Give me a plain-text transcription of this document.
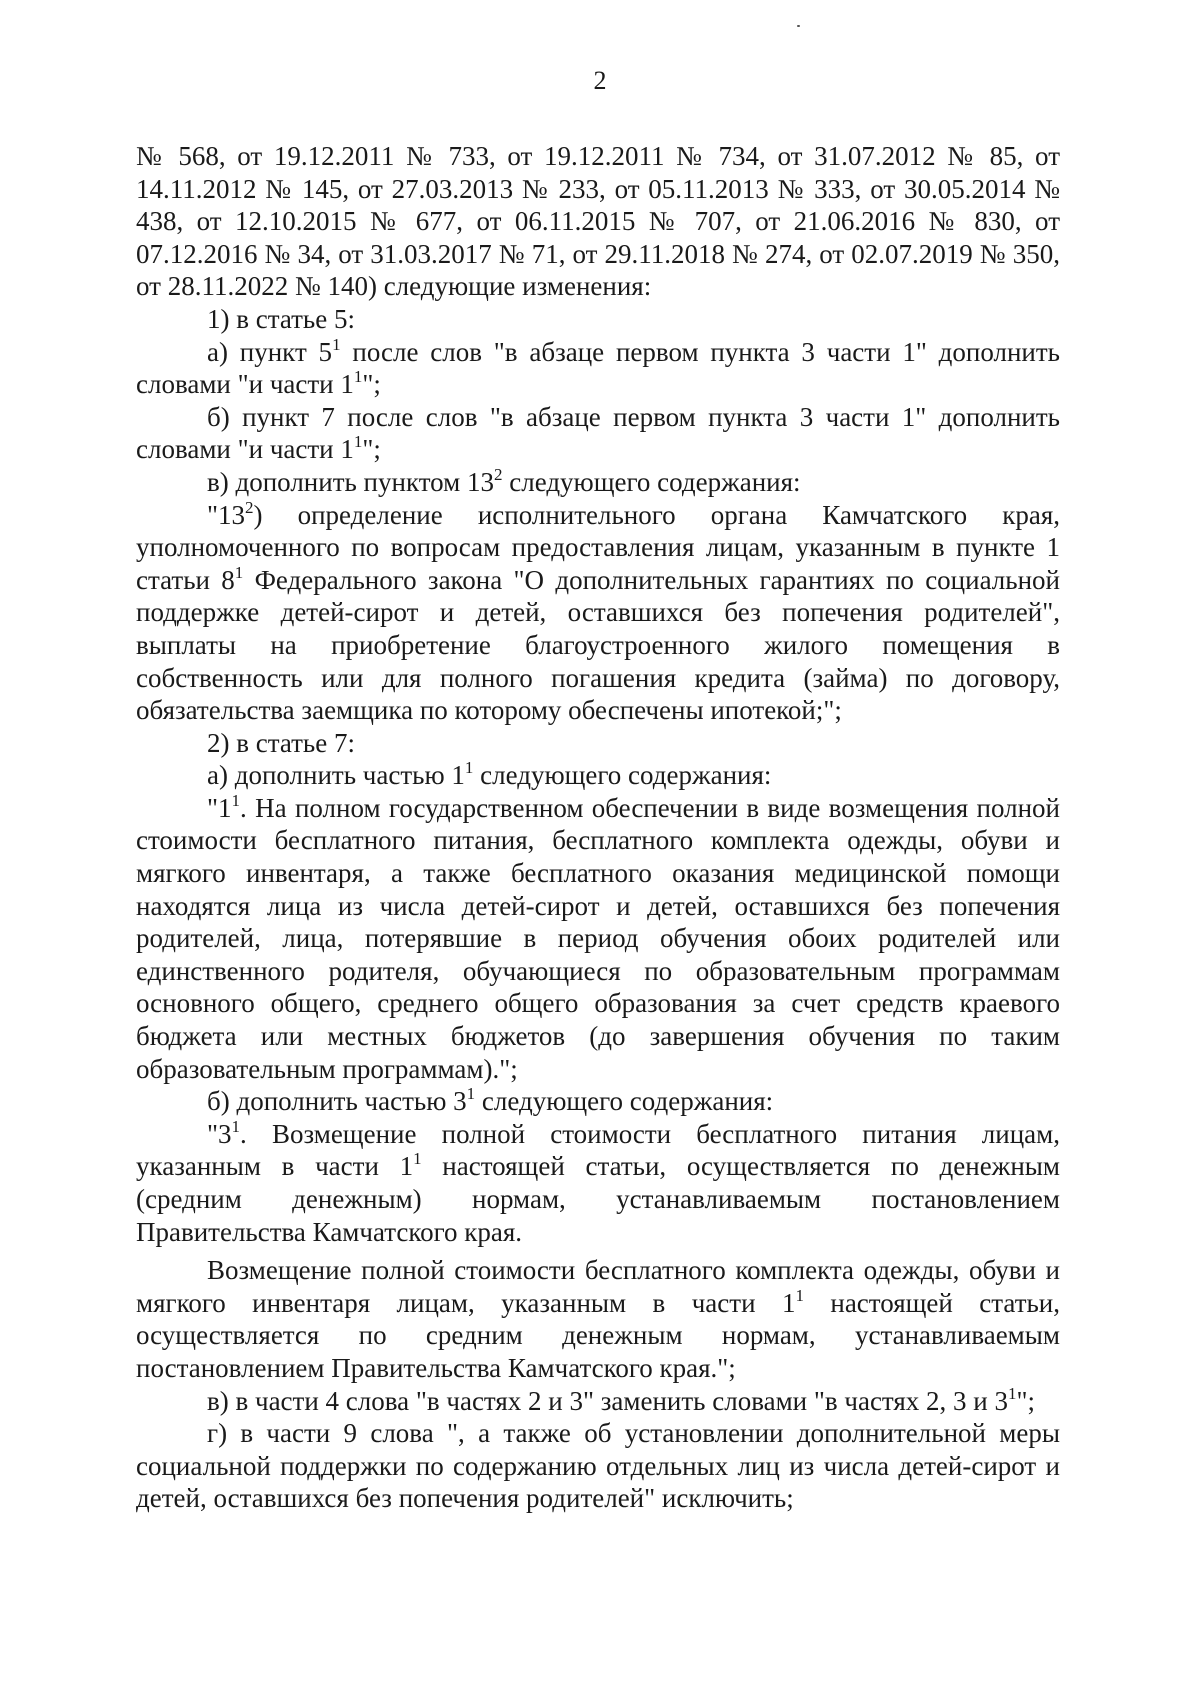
2

№ 568, от 19.12.2011 № 733, от 19.12.2011 № 734, от 31.07.2012 № 85, от 14.11.2012 № 145, от 27.03.2013 № 233, от 05.11.2013 № 333, от 30.05.2014 № 438, от 12.10.2015 № 677, от 06.11.2015 № 707, от 21.06.2016 № 830, от 07.12.2016 № 34, от 31.03.2017 № 71, от 29.11.2018 № 274, от 02.07.2019 № 350, от 28.11.2022 № 140) следующие изменения:

1) в статье 5:

а) пункт $5^1$ после слов "в абзаце первом пункта 3 части 1" дополнить словами "и части $1^1$";

б) пункт 7 после слов "в абзаце первом пункта 3 части 1" дополнить словами "и части $1^1$";

в) дополнить пунктом $13^2$ следующего содержания:

"$13^2$) определение исполнительного органа Камчатского края, уполномоченного по вопросам предоставления лицам, указанным в пункте 1 статьи $8^1$ Федерального закона "О дополнительных гарантиях по социальной поддержке детей-сирот и детей, оставшихся без попечения родителей", выплаты на приобретение благоустроенного жилого помещения в собственность или для полного погашения кредита (займа) по договору, обязательства заемщика по которому обеспечены ипотекой;";

2) в статье 7:

а) дополнить частью $1^1$ следующего содержания:

"$1^1$. На полном государственном обеспечении в виде возмещения полной стоимости бесплатного питания, бесплатного комплекта одежды, обуви и мягкого инвентаря, а также бесплатного оказания медицинской помощи находятся лица из числа детей-сирот и детей, оставшихся без попечения родителей, лица, потерявшие в период обучения обоих родителей или единственного родителя, обучающиеся по образовательным программам основного общего, среднего общего образования за счет средств краевого бюджета или местных бюджетов (до завершения обучения по таким образовательным программам).";

б) дополнить частью $3^1$ следующего содержания:

"$3^1$. Возмещение полной стоимости бесплатного питания лицам, указанным в части $1^1$ настоящей статьи, осуществляется по денежным (средним денежным) нормам, устанавливаемым постановлением Правительства Камчатского края.

Возмещение полной стоимости бесплатного комплекта одежды, обуви и мягкого инвентаря лицам, указанным в части $1^1$ настоящей статьи, осуществляется по средним денежным нормам, устанавливаемым постановлением Правительства Камчатского края.";

в) в части 4 слова "в частях 2 и 3" заменить словами "в частях 2, 3 и $3^1$";

г) в части 9 слова ", а также об установлении дополнительной меры социальной поддержки по содержанию отдельных лиц из числа детей-сирот и детей, оставшихся без попечения родителей" исключить;
